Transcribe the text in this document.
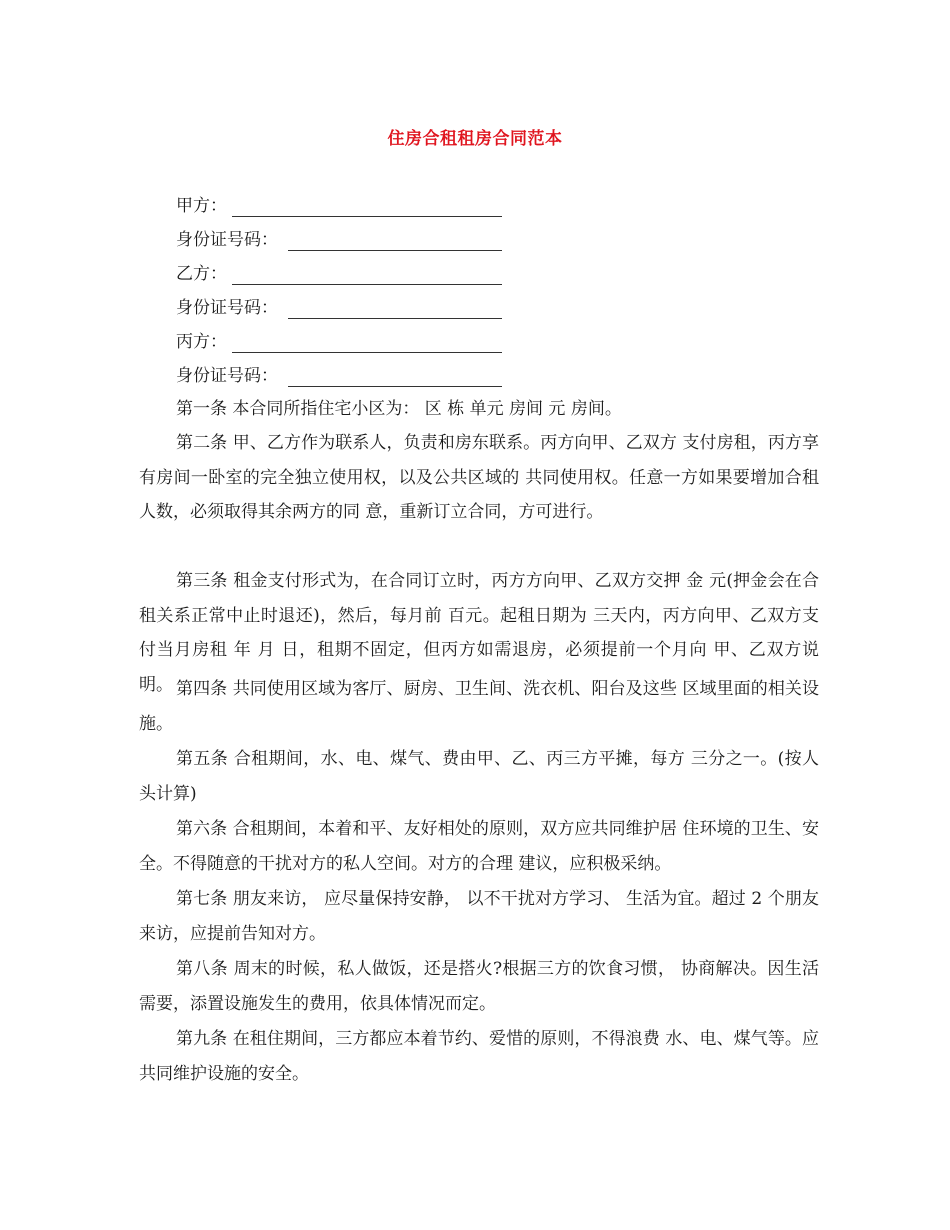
住房合租租房合同范本
甲方：
身份证号码：
乙方：
身份证号码：
丙方：
身份证号码：

第一条 本合同所指住宅小区为： 区 栋 单元 房间 元 房间。

第二条 甲、乙方作为联系人，负责和房东联系。丙方向甲、乙双方 支付房租，丙方享有房间一卧室的完全独立使用权，以及公共区域的 共同使用权。任意一方如果要增加合租人数，必须取得其余两方的同 意，重新订立合同，方可进行。

第三条 租金支付形式为，在合同订立时，丙方方向甲、乙双方交押 金 元(押金会在合租关系正常中止时退还)，然后，每月前 百元。起租日期为 三天内，丙方向甲、乙双方支付当月房租 年 月 日，租期不固定，但丙方如需退房，必须提前一个月向 甲、乙双方说明。 第四条 共同使用区域为客厅、厨房、卫生间、洗衣机、阳台及这些 区域里面的相关设施。

第五条 合租期间，水、电、煤气、费由甲、乙、丙三方平摊，每方 三分之一。(按人头计算)

第六条 合租期间，本着和平、友好相处的原则，双方应共同维护居 住环境的卫生、安全。不得随意的干扰对方的私人空间。对方的合理 建议，应积极采纳。

第七条 朋友来访， 应尽量保持安静， 以不干扰对方学习、 生活为宜。超过 2 个朋友来访，应提前告知对方。

第八条 周末的时候，私人做饭，还是搭火?根据三方的饮食习惯， 协商解决。因生活需要，添置设施发生的费用，依具体情况而定。

第九条 在租住期间，三方都应本着节约、爱惜的原则，不得浪费 水、电、煤气等。应共同维护设施的安全。
